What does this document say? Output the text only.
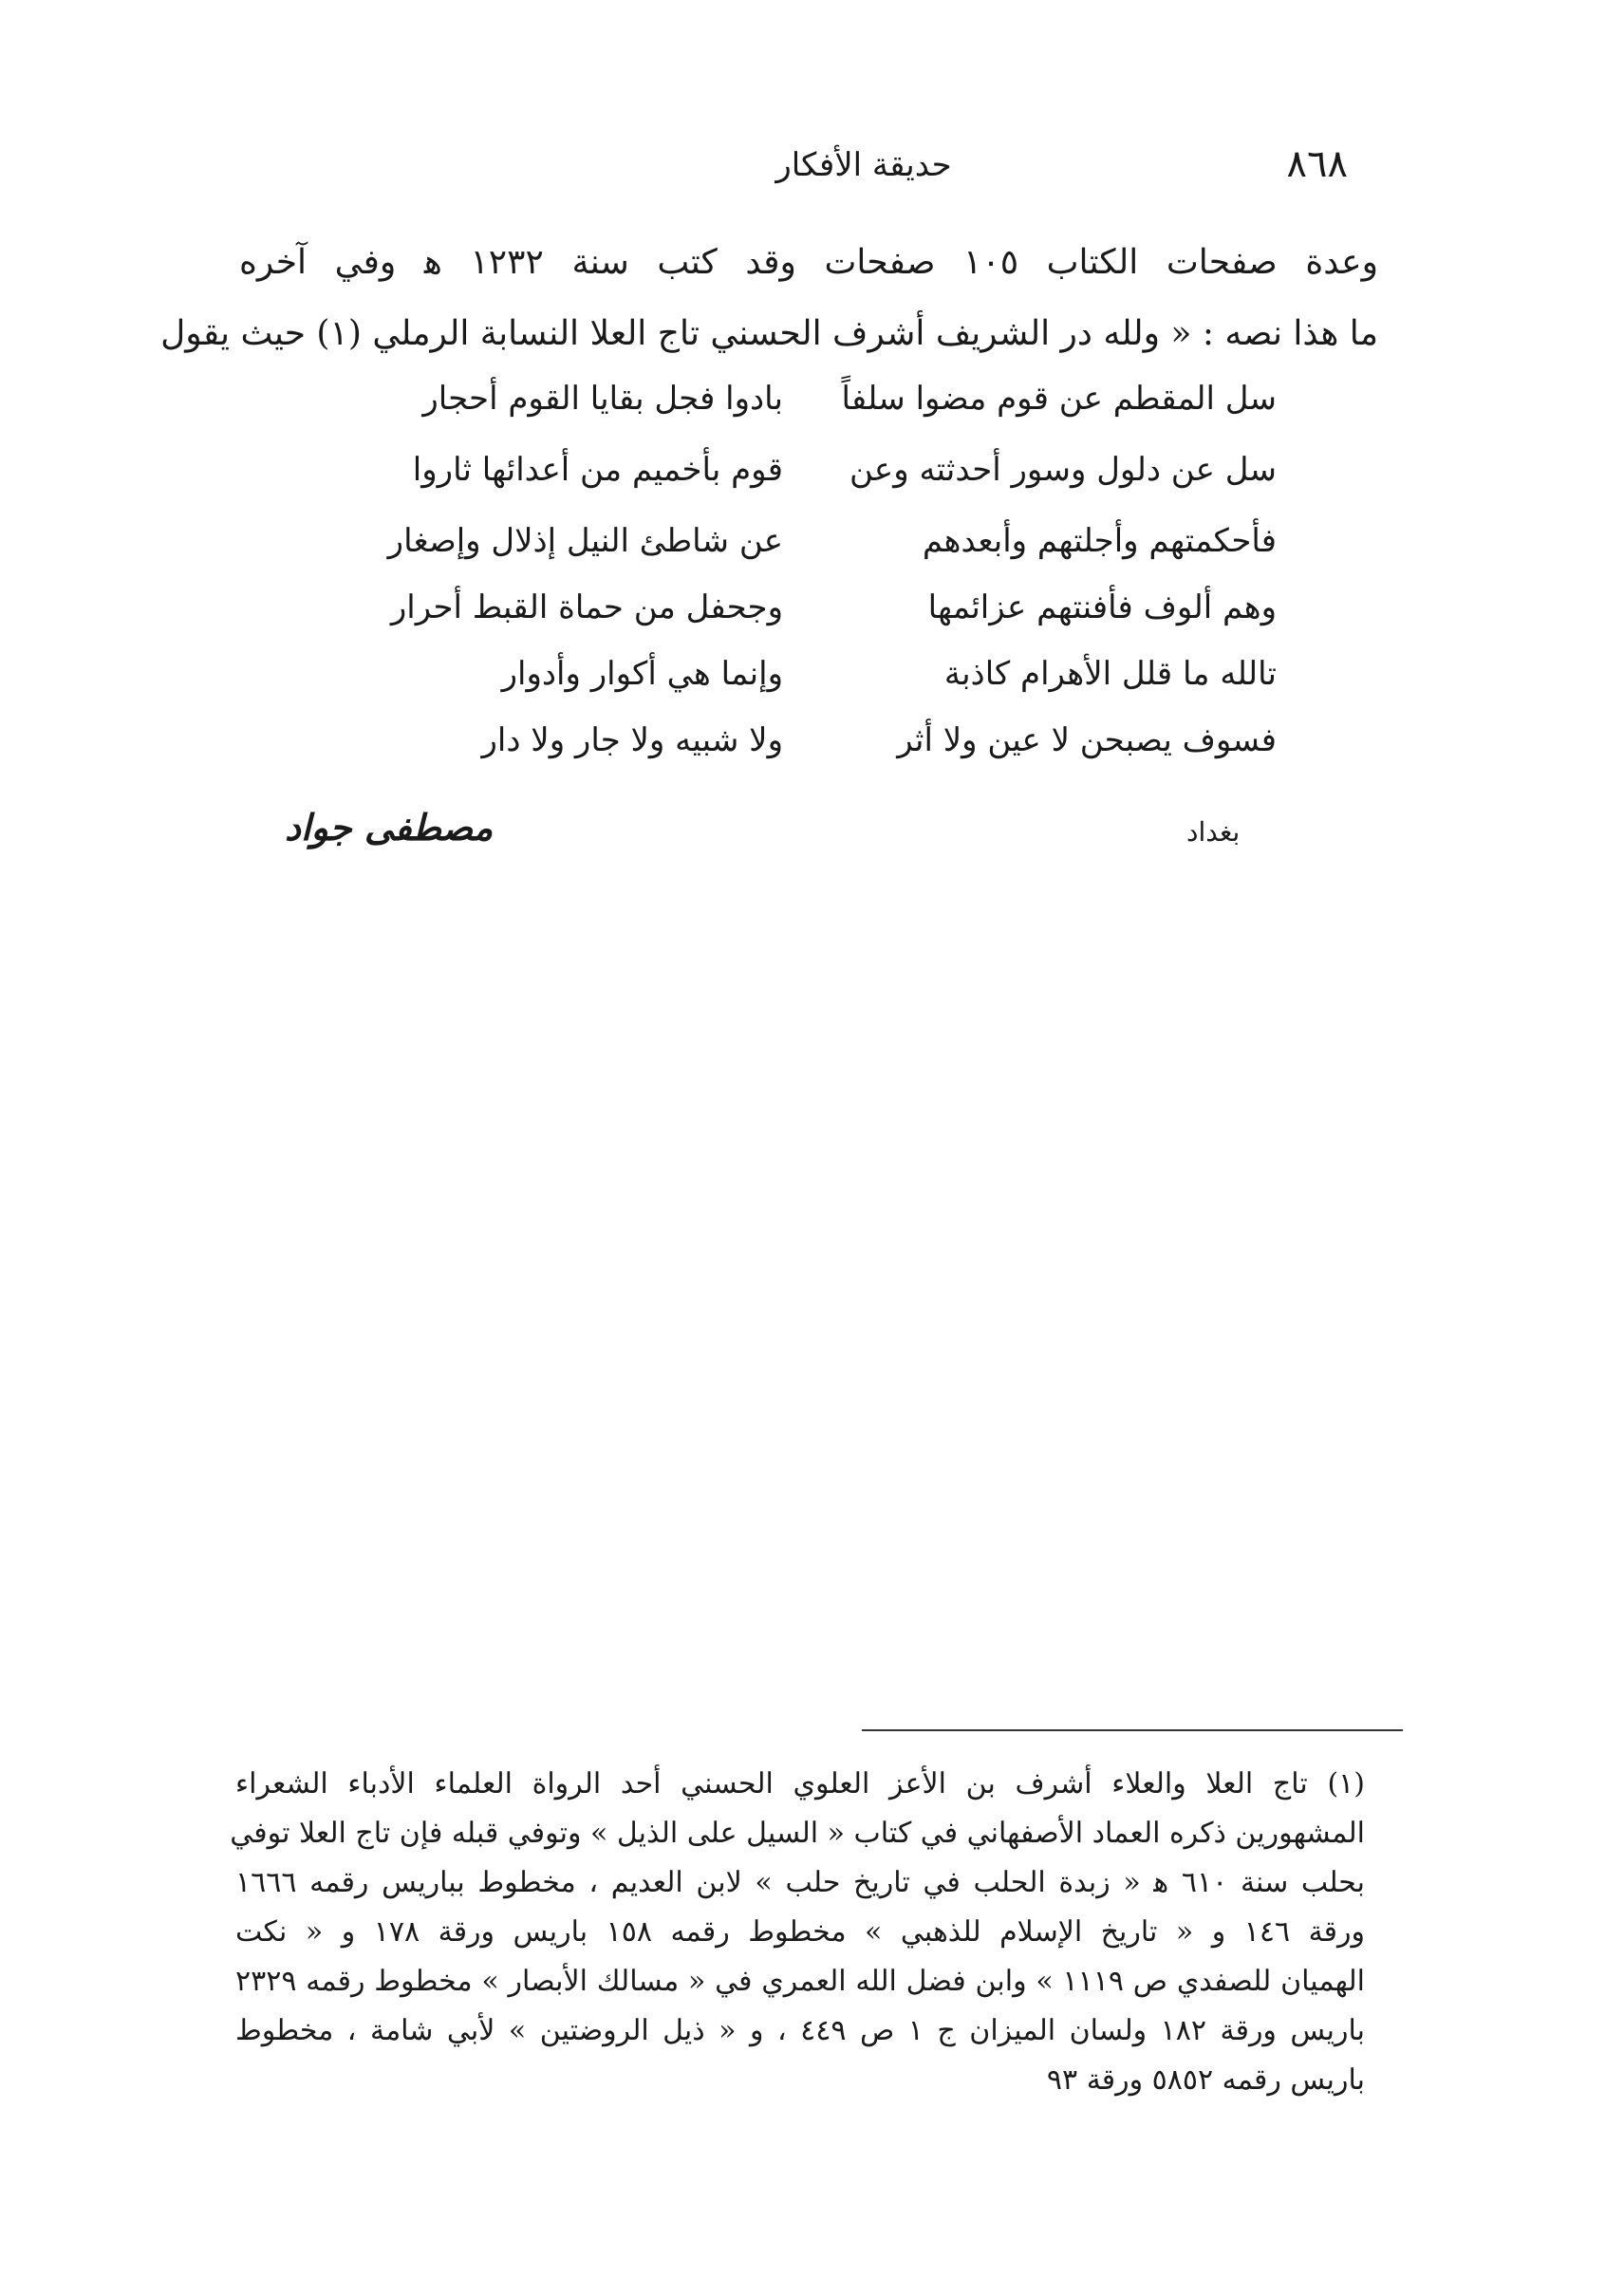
٨٦٨
حديقة الأفكار
وعدة صفحات الكتاب ١٠٥ صفحات وقد كتب سنة ١٢٣٢ ﻫ وفي آخره
ما هذا نصه : « ولله در الشريف أشرف الحسني تاج العلا النسابة الرملي (١) حيث يقول
سل المقطم عن قوم مضوا سلفاً
بادوا فجل بقايا القوم أحجار
سل عن دلول وسور أحدثته وعن
قوم بأخميم من أعدائها ثاروا
فأحكمتهم وأجلتهم وأبعدهم
عن شاطئ النيل إذلال وإصغار
وهم ألوف فأفنتهم عزائمها
وجحفل من حماة القبط أحرار
تالله ما قلل الأهرام كاذبة
وإنما هي أكوار وأدوار
فسوف يصبحن لا عين ولا أثر
ولا شبيه ولا جار ولا دار
بغداد
مصطفى جواد
(١) تاج العلا والعلاء أشرف بن الأعز العلوي الحسني أحد الرواة العلماء الأدباء الشعراء
المشهورين ذكره العماد الأصفهاني في كتاب « السيل على الذيل » وتوفي قبله فإن تاج العلا توفي
بحلب سنة ٦١٠ ﻫ « زبدة الحلب في تاريخ حلب » لابن العديم ، مخطوط بباريس رقمه ١٦٦٦
ورقة ١٤٦ و « تاريخ الإسلام للذهبي » مخطوط رقمه ١٥٨ باريس ورقة ١٧٨ و « نكت
الهميان للصفدي ص ١١١٩ » وابن فضل الله العمري في « مسالك الأبصار » مخطوط رقمه ٢٣٢٩
باريس ورقة ١٨٢ ولسان الميزان ج ١ ص ٤٤٩ ، و « ذيل الروضتين » لأبي شامة ، مخطوط
باريس رقمه ٥٨٥٢ ورقة ٩٣
